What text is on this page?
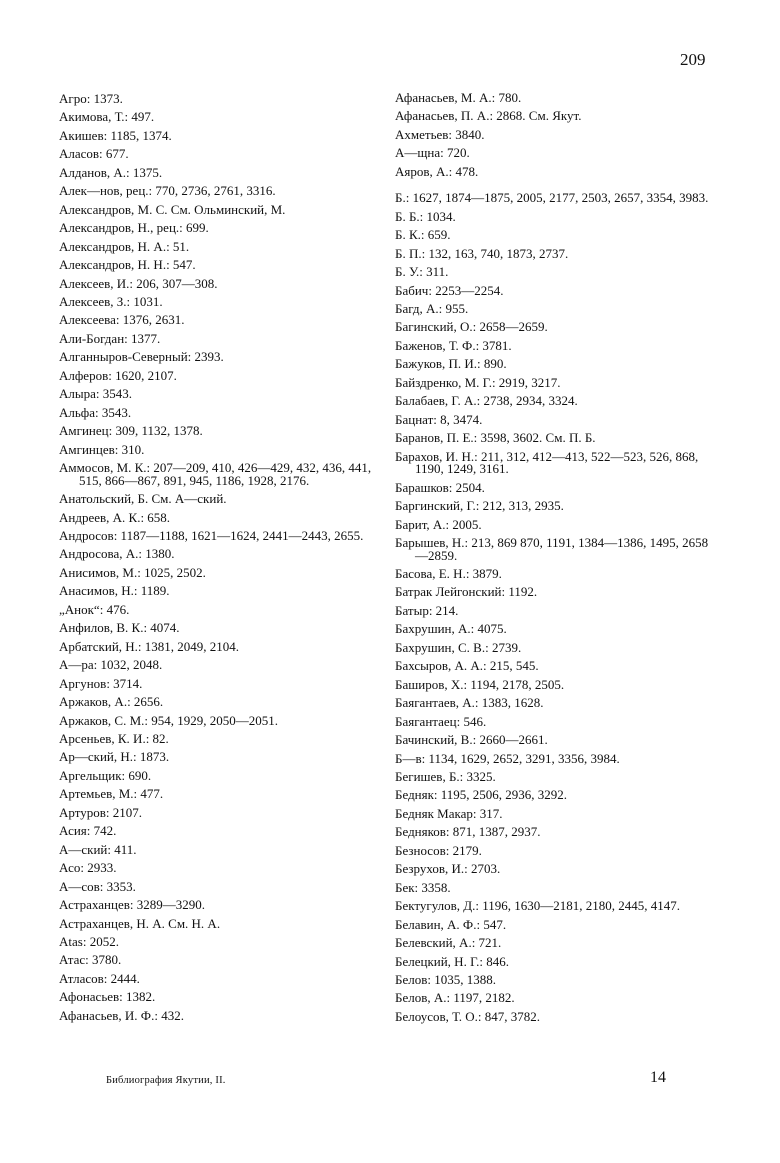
209

Агро: 1373.

Акимова, Т.: 497.

Акишев: 1185, 1374.

Аласов: 677.

Алданов, А.: 1375.

Алек—нов, рец.: 770, 2736, 2761, 3316.

Александров, М. С. См. Ольминский, М.

Александров, Н., рец.: 699.

Александров, Н. А.: 51.

Александров, Н. Н.: 547.

Алексеев, И.: 206, 307—308.

Алексеев, З.: 1031.

Алексеева: 1376, 2631.

Али-Богдан: 1377.

Алганныров-Северный: 2393.

Алферов: 1620, 2107.

Алыра: 3543.

Альфа: 3543.

Амгинец: 309, 1132, 1378.

Амгинцев: 310.

Аммосов, М. К.: 207—209, 410, 426—429, 432, 436, 441, 515, 866—867, 891, 945, 1186, 1928, 2176.

Анатольский, Б. См. А—ский.

Андреев, А. К.: 658.

Андросов: 1187—1188, 1621—1624, 2441—2443, 2655.

Андросова, А.: 1380.

Анисимов, М.: 1025, 2502.

Анасимов, Н.: 1189.

„Анок“: 476.

Анфилов, В. К.: 4074.

Арбатский, Н.: 1381, 2049, 2104.

А—ра: 1032, 2048.

Аргунов: 3714.

Аржаков, А.: 2656.

Аржаков, С. М.: 954, 1929, 2050—2051.

Арсеньев, К. И.: 82.

Ар—ский, Н.: 1873.

Аргельщик: 690.

Артемьев, М.: 477.

Артуров: 2107.

Асия: 742.

А—ский: 411.

Асо: 2933.

А—сов: 3353.

Астраханцев: 3289—3290.

Астраханцев, Н. А. См. Н. А.

Atas: 2052.

Атас: 3780.

Атласов: 2444.

Афонасьев: 1382.

Афанасьев, И. Ф.: 432.

Афанасьев, М. А.: 780.

Афанасьев, П. А.: 2868. См. Якут.

Ахметьев: 3840.

А—щна: 720.

Аяров, А.: 478.

Б.: 1627, 1874—1875, 2005, 2177, 2503, 2657, 3354, 3983.

Б. Б.: 1034.

Б. К.: 659.

Б. П.: 132, 163, 740, 1873, 2737.

Б. У.: 311.

Бабич: 2253—2254.

Багд, А.: 955.

Багинский, О.: 2658—2659.

Баженов, Т. Ф.: 3781.

Бажуков, П. И.: 890.

Байздренко, М. Г.: 2919, 3217.

Балабаев, Г. А.: 2738, 2934, 3324.

Бацнат: 8, 3474.

Баранов, П. Е.: 3598, 3602. См. П. Б.

Барахов, И. Н.: 211, 312, 412—413, 522—523, 526, 868, 1190, 1249, 3161.

Барашков: 2504.

Баргинский, Г.: 212, 313, 2935.

Барит, А.: 2005.

Барышев, Н.: 213, 869 870, 1191, 1384—1386, 1495, 2658—2859.

Басова, Е. Н.: 3879.

Батрак Лейгонский: 1192.

Батыр: 214.

Бахрушин, А.: 4075.

Бахрушин, С. В.: 2739.

Бахсыров, А. А.: 215, 545.

Баширов, Х.: 1194, 2178, 2505.

Баягантаев, А.: 1383, 1628.

Баягантаец: 546.

Бачинский, В.: 2660—2661.

Б—в: 1134, 1629, 2652, 3291, 3356, 3984.

Бегишев, Б.: 3325.

Бедняк: 1195, 2506, 2936, 3292.

Бедняк Макар: 317.

Бедняков: 871, 1387, 2937.

Безносов: 2179.

Безрухов, И.: 2703.

Бек: 3358.

Бектугулов, Д.: 1196, 1630—2181, 2180, 2445, 4147.

Белавин, А. Ф.: 547.

Белевский, А.: 721.

Белецкий, Н. Г.: 846.

Белов: 1035, 1388.

Белов, А.: 1197, 2182.

Белоусов, Т. О.: 847, 3782.

Библиография Якутии, II.	14
